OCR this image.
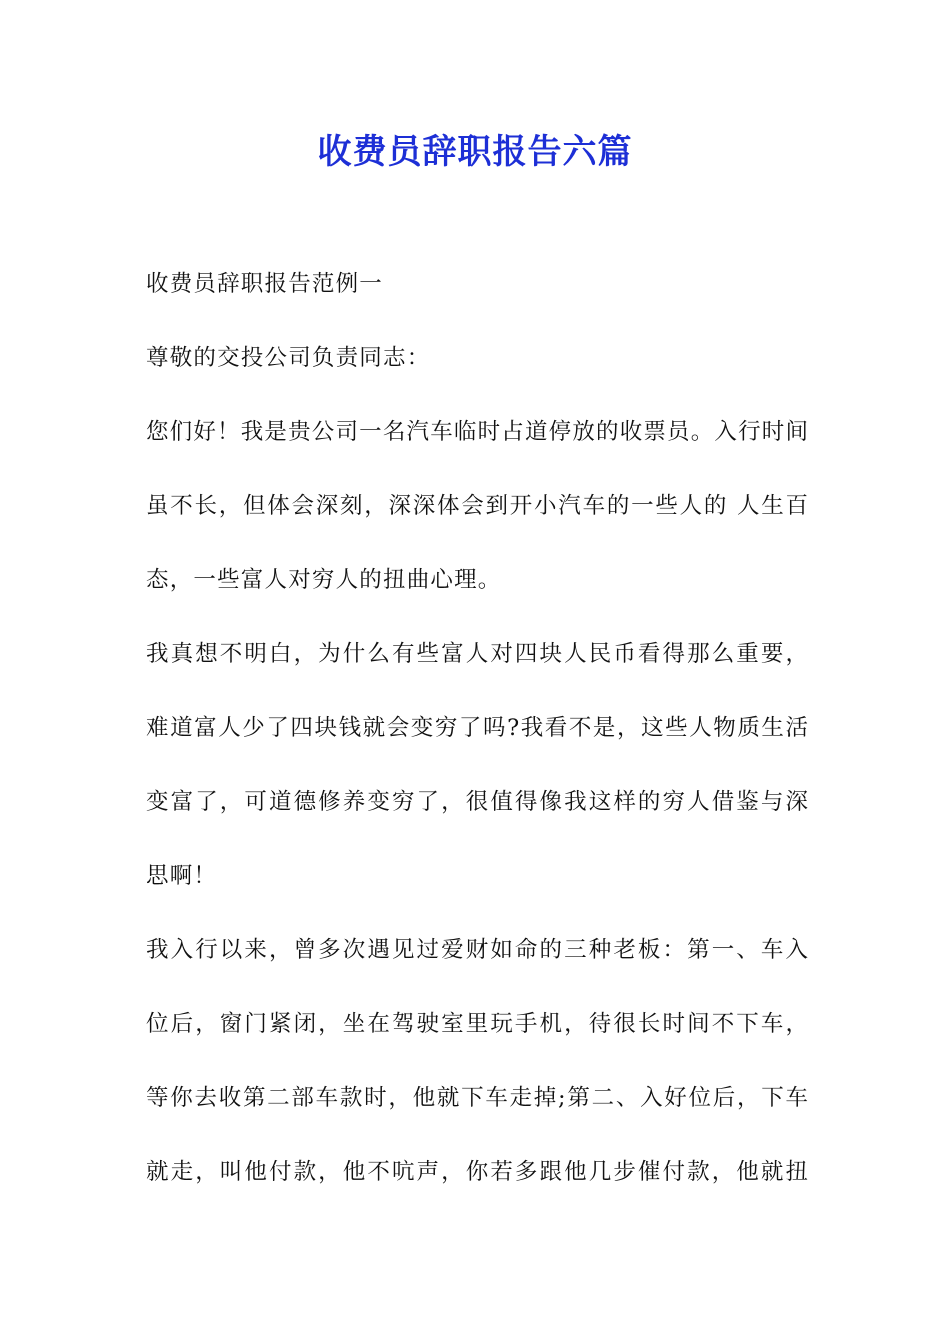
收费员辞职报告六篇
收费员辞职报告范例一
尊敬的交投公司负责同志：
您们好！我是贵公司一名汽车临时占道停放的收票员。入行时间
虽不长，但体会深刻，深深体会到开小汽车的一些人的 人生百
态，一些富人对穷人的扭曲心理。
我真想不明白，为什么有些富人对四块人民币看得那么重要，
难道富人少了四块钱就会变穷了吗?我看不是，这些人物质生活
变富了，可道德修养变穷了，很值得像我这样的穷人借鉴与深
思啊！
我入行以来，曾多次遇见过爱财如命的三种老板：第一、车入
位后，窗门紧闭，坐在驾驶室里玩手机，待很长时间不下车，
等你去收第二部车款时，他就下车走掉;第二、入好位后，下车
就走，叫他付款，他不吭声，你若多跟他几步催付款，他就扭
